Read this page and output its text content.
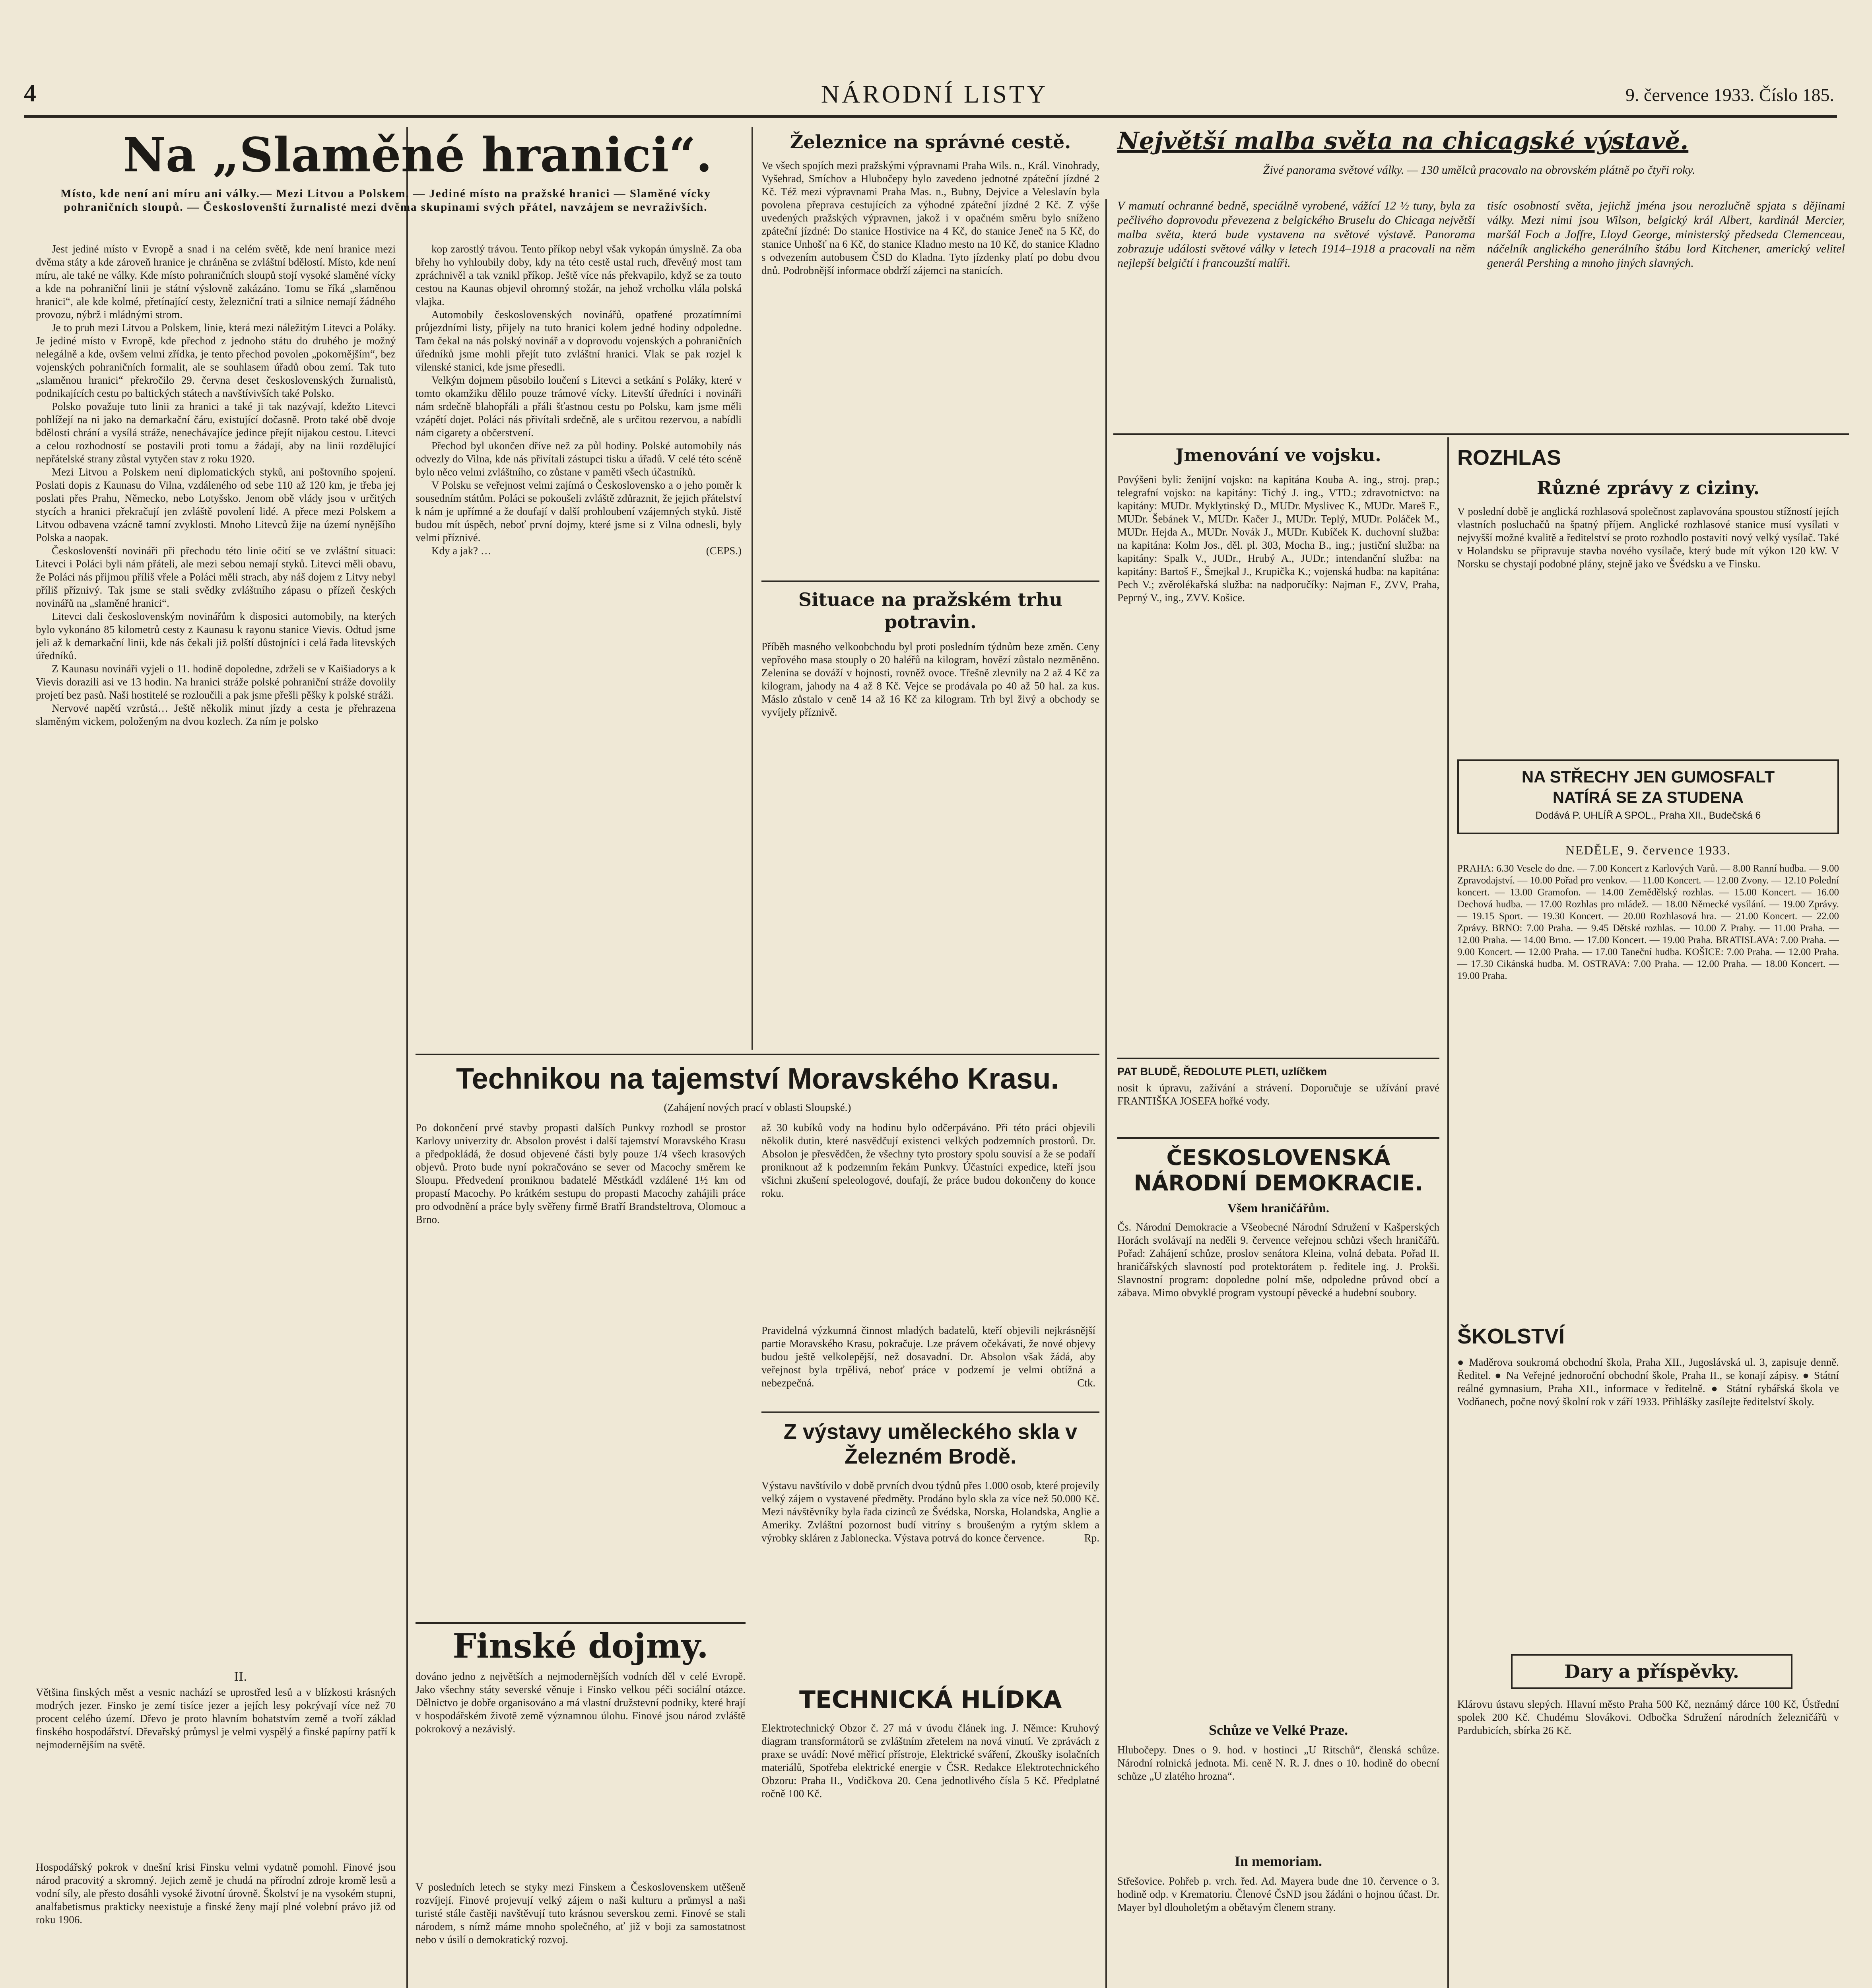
4	NÁRODNÍ LISTY	9. července 1933. Číslo 185.
Na „Slaměné hranici“.
Místo, kde není ani míru ani války.— Mezi Litvou a Polskem. — Jediné místo na pražské hranici — Slaměné vícky pohraničních sloupů. — Českoslovenští žurnalisté mezi dvěma skupinami svých přátel, navzájem se nevraživších.

Jest jediné místo v Evropě a snad i na celém světě, kde není hranice mezi dvěma státy a kde zároveň hranice je chráněna se zvláštní bdělostí. Místo, kde není míru, ale také ne války. Kde místo pohraničních sloupů stojí vysoké slaměné vícky a kde na pohraniční linii je státní výslovně zakázáno. Tomu se říká „slaměnou hranici“, ale kde kolmé, přetínající cesty, železniční trati a silnice nemají žádného provozu, nýbrž i mládnými strom.

Je to pruh mezi Litvou a Polskem, linie, která mezi náležitým Litevci a Poláky. Je jediné místo v Evropě, kde přechod z jednoho státu do druhého je možný nelegálně a kde, ovšem velmi zřídka, je tento přechod povolen „pokornějším“, bez vojenských pohraničních formalit, ale se souhlasem úřadů obou zemí. Tak tuto „slaměnou hranici“ překročilo 29. června deset československých žurnalistů, podnikajících cestu po baltických státech a navštívivších také Polsko.

Polsko považuje tuto linii za hranici a také ji tak nazývají, kdežto Litevci pohlížejí na ni jako na demarkační čáru, existující dočasně. Proto také obě dvoje bdělosti chrání a vysílá stráže, nenechávajíce jedince přejít nijakou cestou. Litevci a celou rozhodností se postavili proti tomu a žádají, aby na linii rozdělující nepřátelské strany zůstal vytyčen stav z roku 1920.

Mezi Litvou a Polskem není diplomatických styků, ani poštovního spojení. Poslati dopis z Kaunasu do Vilna, vzdáleného od sebe 110 až 120 km, je třeba jej poslati přes Prahu, Německo, nebo Lotyšsko. Jenom obě vlády jsou v určitých stycích a hranici překračují jen zvláště povolení lidé. A přece mezi Polskem a Litvou odbavena vzácně tamní zvyklosti. Mnoho Litevců žije na území nynějšího Polska a naopak.

Českoslovenští novináři při přechodu této linie očití se ve zvláštní situaci: Litevci i Poláci byli nám přáteli, ale mezi sebou nemají styků. Litevci měli obavu, že Poláci nás přijmou příliš vřele a Poláci měli strach, aby náš dojem z Litvy nebyl příliš příznivý. Tak jsme se stali svědky zvláštního zápasu o přízeň českých novinářů na „slaměné hranici“.

Litevci dali československým novinářům k disposici automobily, na kterých bylo vykonáno 85 kilometrů cesty z Kaunasu k rayonu stanice Vievis. Odtud jsme jeli až k demarkační linii, kde nás čekali již polští důstojníci i celá řada litevských úředníků.

Z Kaunasu novináři vyjeli o 11. hodině dopoledne, zdrželi se v Kaišiadorys a k Vievis dorazili asi ve 13 hodin. Na hranici stráže polské pohraniční stráže dovolily projetí bez pasů. Naši hostitelé se rozloučili a pak jsme přešli pěšky k polské stráži.

Nervové napětí vzrůstá… Ještě několik minut jízdy a cesta je přehrazena slaměným vickem, položeným na dvou kozlech. Za ním je polsko

kop zarostlý trávou. Tento příkop nebyl však vykopán úmyslně. Za oba břehy ho vyhloubily doby, kdy na této cestě ustal ruch, dřevěný most tam zpráchnivěl a tak vznikl příkop. Ještě více nás překvapilo, když se za touto cestou na Kaunas objevil ohromný stožár, na jehož vrcholku vlála polská vlajka.

Automobily československých novinářů, opatřené prozatímními průjezdními listy, přijely na tuto hranici kolem jedné hodiny odpoledne. Tam čekal na nás polský novinář a v doprovodu vojenských a pohraničních úředníků jsme mohli přejít tuto zvláštní hranici. Vlak se pak rozjel k vilenské stanici, kde jsme přesedli.

Velkým dojmem působilo loučení s Litevci a setkání s Poláky, které v tomto okamžiku dělilo pouze trámové vícky. Litevští úředníci i novináři nám srdečně blahopřáli a přáli šťastnou cestu po Polsku, kam jsme měli vzápětí dojet. Poláci nás přivítali srdečně, ale s určitou rezervou, a nabídli nám cigarety a občerstvení.

Přechod byl ukončen dříve než za půl hodiny. Polské automobily nás odvezly do Vilna, kde nás přivítali zástupci tisku a úřadů. V celé této scéně bylo něco velmi zvláštního, co zůstane v paměti všech účastníků.

V Polsku se veřejnost velmi zajímá o Československo a o jeho poměr k sousedním státům. Poláci se pokoušeli zvláště zdůraznit, že jejich přátelství k nám je upřímné a že doufají v další prohloubení vzájemných styků. Jistě budou mít úspěch, neboť první dojmy, které jsme si z Vilna odnesli, byly velmi příznivé.

Kdy a jak? …	(CEPS.)

Železnice na správné cestě.
Ve všech spojích mezi pražskými výpravnami Praha Wils. n., Král. Vinohrady, Vyšehrad, Smíchov a Hlubočepy bylo zavedeno jednotné zpáteční jízdné 2 Kč. Též mezi výpravnami Praha Mas. n., Bubny, Dejvice a Veleslavín byla povolena přeprava cestujících za výhodné zpáteční jízdné 2 Kč. Z výše uvedených pražských výpravnen, jakož i v opačném směru bylo sníženo zpáteční jízdné: Do stanice Hostivice na 4 Kč, do stanice Jeneč na 5 Kč, do stanice Unhošť na 6 Kč, do stanice Kladno mesto na 10 Kč, do stanice Kladno s odvezením autobusem ČSD do Kladna. Tyto jízdenky platí po dobu dvou dnů. Podrobnější informace obdrží zájemci na stanicích.
Situace na pražském trhu potravin.
Příběh masného velkoobchodu byl proti posledním týdnům beze změn. Ceny vepřového masa stouply o 20 haléřů na kilogram, hovězí zůstalo nezměněno. Zelenina se dováží v hojnosti, rovněž ovoce. Třešně zlevnily na 2 až 4 Kč za kilogram, jahody na 4 až 8 Kč. Vejce se prodávala po 40 až 50 hal. za kus. Máslo zůstalo v ceně 14 až 16 Kč za kilogram. Trh byl živý a obchody se vyvíjely příznivě.
Největší malba světa na chicagské výstavě.
Živé panorama světové války. — 130 umělců pracovalo na obrovském plátně po čtyři roky.
V mamutí ochranné bedně, speciálně vyrobené, vážící 12 ½ tuny, byla za pečlivého doprovodu převezena z belgického Bruselu do Chicaga největší malba světa, která bude vystavena na světové výstavě. Panorama zobrazuje události světové války v letech 1914–1918 a pracovali na něm nejlepší belgičtí i francouzští malíři.
tisíc osobností světa, jejichž jména jsou nerozlučně spjata s dějinami války. Mezi nimi jsou Wilson, belgický král Albert, kardinál Mercier, maršál Foch a Joffre, Lloyd George, ministerský předseda Clemenceau, náčelník anglického generálního štábu lord Kitchener, americký velitel generál Pershing a mnoho jiných slavných.
Jmenování ve vojsku.
Povýšeni byli: ženijní vojsko: na kapitána Kouba A. ing., stroj. prap.; telegrafní vojsko: na kapitány: Tichý J. ing., VTD.; zdravotnictvo: na kapitány: MUDr. Myklytinský D., MUDr. Myslivec K., MUDr. Mareš F., MUDr. Šebánek V., MUDr. Kačer J., MUDr. Teplý, MUDr. Poláček M., MUDr. Hejda A., MUDr. Novák J., MUDr. Kubíček K. duchovní služba: na kapitána: Kolm Jos., děl. pl. 303, Mocha B., ing.; justiční služba: na kapitány: Spalk V., JUDr., Hrubý A., JUDr.; intendanční služba: na kapitány: Bartoš F., Šmejkal J., Krupička K.; vojenská hudba: na kapitána: Pech V.; zvěrolékařská služba: na nadporučíky: Najman F., ZVV, Praha, Peprný V., ing., ZVV. Košice.
PAT BLUDĚ, ŘEDOLUTE PLETI, uzlíčkem
nosit k úpravu, zažívání a strávení. Doporučuje se užívání pravé FRANTIŠKA JOSEFA hořké vody.
ČESKOSLOVENSKÁ NÁRODNÍ DEMOKRACIE.
Všem hraničářům.
Čs. Národní Demokracie a Všeobecné Národní Sdružení v Kašperských Horách svolávají na neděli 9. července veřejnou schůzi všech hraničářů. Pořad: Zahájení schůze, proslov senátora Kleina, volná debata. Pořad II. hraničářských slavností pod protektorátem p. ředitele ing. J. Prokši. Slavnostní program: dopoledne polní mše, odpoledne průvod obcí a zábava. Mimo obvyklé program vystoupí pěvecké a hudební soubory.
Schůze ve Velké Praze.
Hlubočepy. Dnes o 9. hod. v hostinci „U Ritschů“, členská schůze. Národní rolnická jednota. Mi. ceně N. R. J. dnes o 10. hodině do obecní schůze „U zlatého hrozna“.
In memoriam.
Střešovice. Pohřeb p. vrch. řed. Ad. Mayera bude dne 10. července o 3. hodině odp. v Krematoriu. Členové ČsND jsou žádáni o hojnou účast. Dr. Mayer byl dlouholetým a obětavým členem strany.
ROZHLAS
Různé zprávy z ciziny.
V poslední době je anglická rozhlasová společnost zaplavována spoustou stížností jejích vlastních posluchačů na špatný příjem. Anglické rozhlasové stanice musí vysílati v nejvyšší možné kvalitě a ředitelství se proto rozhodlo postaviti nový velký vysílač. Také v Holandsku se připravuje stavba nového vysílače, který bude mít výkon 120 kW. V Norsku se chystají podobné plány, stejně jako ve Švédsku a ve Finsku.
NA STŘECHY JEN GUMOSFALT
NATÍRÁ SE ZA STUDENA
Dodává P. UHLÍŘ A SPOL., Praha XII., Budečská 6
NEDĚLE, 9. července 1933.
PRAHA: 6.30 Vesele do dne. — 7.00 Koncert z Karlových Varů. — 8.00 Ranní hudba. — 9.00 Zpravodajství. — 10.00 Pořad pro venkov. — 11.00 Koncert. — 12.00 Zvony. — 12.10 Polední koncert. — 13.00 Gramofon. — 14.00 Zemědělský rozhlas. — 15.00 Koncert. — 16.00 Dechová hudba. — 17.00 Rozhlas pro mládež. — 18.00 Německé vysílání. — 19.00 Zprávy. — 19.15 Sport. — 19.30 Koncert. — 20.00 Rozhlasová hra. — 21.00 Koncert. — 22.00 Zprávy. BRNO: 7.00 Praha. — 9.45 Dětské rozhlas. — 10.00 Z Prahy. — 11.00 Praha. — 12.00 Praha. — 14.00 Brno. — 17.00 Koncert. — 19.00 Praha. BRATISLAVA: 7.00 Praha. — 9.00 Koncert. — 12.00 Praha. — 17.00 Taneční hudba. KOŠICE: 7.00 Praha. — 12.00 Praha. — 17.30 Cikánská hudba. M. OSTRAVA: 7.00 Praha. — 12.00 Praha. — 18.00 Koncert. — 19.00 Praha.
ŠKOLSTVÍ
● Maděrova soukromá obchodní škola, Praha XII., Jugoslávská ul. 3, zapisuje denně. Ředitel. ● Na Veřejné jednoroční obchodní škole, Praha II., se konají zápisy. ● Státní reálné gymnasium, Praha XII., informace v ředitelně. ● Státní rybářská škola ve Vodňanech, počne nový školní rok v září 1933. Přihlášky zasílejte ředitelství školy.
Dary a příspěvky.
Klárovu ústavu slepých. Hlavní město Praha 500 Kč, neznámý dárce 100 Kč, Ústřední spolek 200 Kč. Chudému Slovákovi. Odbočka Sdružení národních železničářů v Pardubicích, sbírka 26 Kč.
Technikou na tajemství Moravského Krasu.
(Zahájení nových prací v oblasti Sloupské.)
Po dokončení prvé stavby propasti dalších Punkvy rozhodl se prostor Karlovy univerzity dr. Absolon provést i další tajemství Moravského Krasu a předpokládá, že dosud objevené části byly pouze 1/4 všech krasových objevů. Proto bude nyní pokračováno se sever od Macochy směrem ke Sloupu. Předvedení proniknou badatelé Městkádl vzdálené 1½ km od propastí Macochy. Po krátkém sestupu do propasti Macochy zahájili práce pro odvodnění a práce byly svěřeny firmě Bratří Brandsteltrova, Olomouc a Brno.
až 30 kubíků vody na hodinu bylo odčerpáváno. Při této práci objevili několik dutin, které nasvědčují existenci velkých podzemních prostorů. Dr. Absolon je přesvědčen, že všechny tyto prostory spolu souvisí a že se podaří proniknout až k podzemním řekám Punkvy. Účastníci expedice, kteří jsou všichni zkušení speleologové, doufají, že práce budou dokončeny do konce roku.
Pravidelná výzkumná činnost mladých badatelů, kteří objevili nejkrásnější partie Moravského Krasu, pokračuje. Lze právem očekávati, že nové objevy budou ještě velkolepější, než dosavadní. Dr. Absolon však žádá, aby veřejnost byla trpělivá, neboť práce v podzemí je velmi obtížná a nebezpečná.	Ctk.
Z výstavy uměleckého skla v Železném Brodě.
Výstavu navštívilo v době prvních dvou týdnů přes 1.000 osob, které projevily velký zájem o vystavené předměty. Prodáno bylo skla za více než 50.000 Kč. Mezi návštěvníky byla řada cizinců ze Švédska, Norska, Holandska, Anglie a Ameriky. Zvláštní pozornost budí vitríny s broušeným a rytým sklem a výrobky skláren z Jablonecka. Výstava potrvá do konce července.	Rp.
TECHNICKÁ HLÍDKA
Elektrotechnický Obzor č. 27 má v úvodu článek ing. J. Němce: Kruhový diagram transformátorů se zvláštním zřetelem na nová vinutí. Ve zprávách z praxe se uvádí: Nové měřicí přístroje, Elektrické sváření, Zkoušky isolačních materiálů, Spotřeba elektrické energie v ČSR. Redakce Elektrotechnického Obzoru: Praha II., Vodičkova 20. Cena jednotlivého čísla 5 Kč. Předplatné ročně 100 Kč.
Finské dojmy.
II.
Většina finských měst a vesnic nachází se uprostřed lesů a v blízkosti krásných modrých jezer. Finsko je zemí tisíce jezer a jejích lesy pokrývají více než 70 procent celého území. Dřevo je proto hlavním bohatstvím země a tvoří základ finského hospodářství. Dřevařský průmysl je velmi vyspělý a finské papírny patří k nejmodernějším na světě.
Hospodářský pokrok v dnešní krisi Finsku velmi vydatně pomohl. Finové jsou národ pracovitý a skromný. Jejich země je chudá na přírodní zdroje kromě lesů a vodní síly, ale přesto dosáhli vysoké životní úrovně. Školství je na vysokém stupni, analfabetismus prakticky neexistuje a finské ženy mají plné volební právo již od roku 1906.
dováno jedno z největších a nejmodernějších vodních děl v celé Evropě. Jako všechny státy severské věnuje i Finsko velkou péči sociální otázce. Dělnictvo je dobře organisováno a má vlastní družstevní podniky, které hrají v hospodářském životě země významnou úlohu. Finové jsou národ zvláště pokrokový a nezávislý.
V posledních letech se styky mezi Finskem a Československem utěšeně rozvíjejí. Finové projevují velký zájem o naši kulturu a průmysl a naši turisté stále častěji navštěvují tuto krásnou severskou zemi. Finové se stali národem, s nímž máme mnoho společného, ať již v boji za samostatnost nebo v úsilí o demokratický rozvoj.
